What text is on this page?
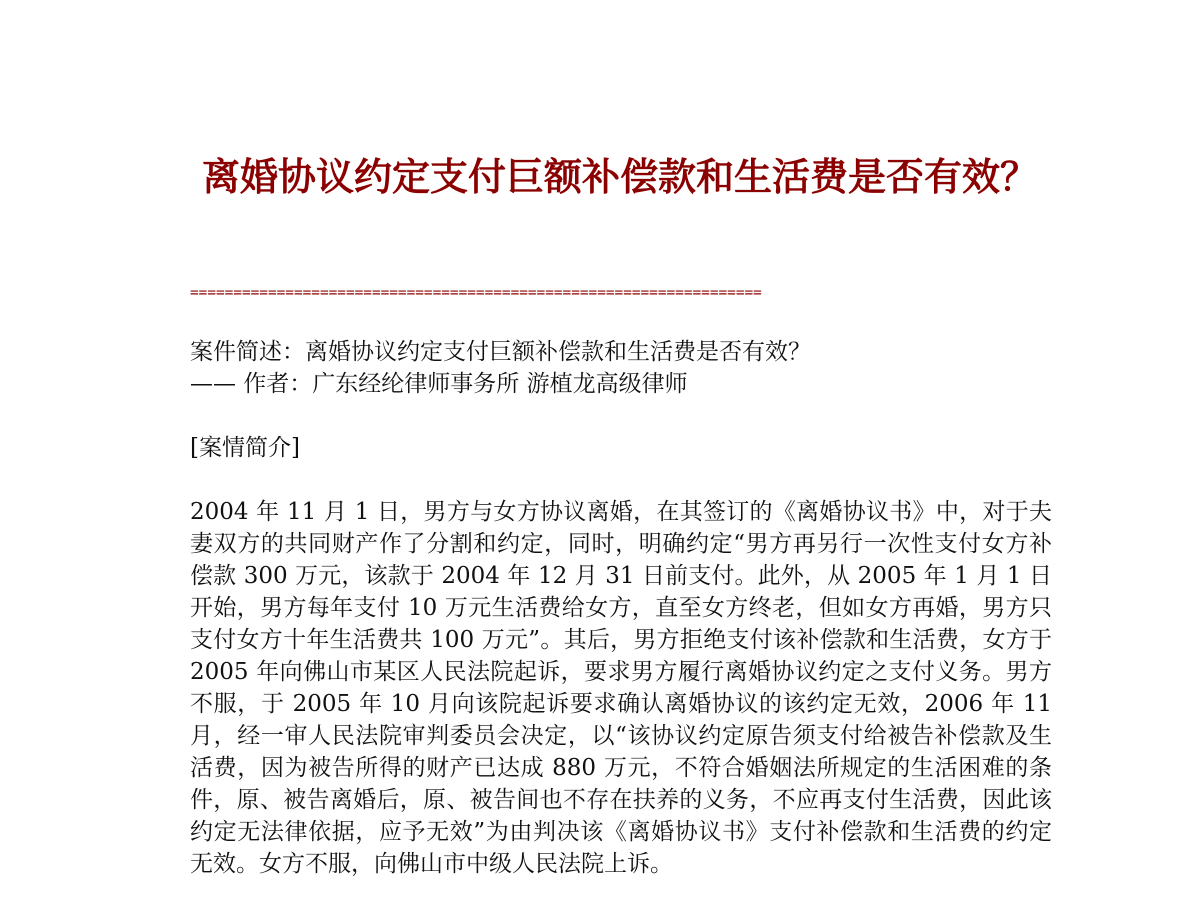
离婚协议约定支付巨额补偿款和生活费是否有效？
==================================================================

案件简述：离婚协议约定支付巨额补偿款和生活费是否有效？

—— 作者：广东经纶律师事务所 游植龙高级律师

[案情简介]

2004 年 11 月 1 日，男方与女方协议离婚，在其签订的《离婚协议书》中，对于夫妻双方的共同财产作了分割和约定，同时，明确约定“男方再另行一次性支付女方补偿款 300 万元，该款于 2004 年 12 月 31 日前支付。此外，从 2005 年 1 月 1 日开始，男方每年支付 10 万元生活费给女方，直至女方终老，但如女方再婚，男方只支付女方十年生活费共 100 万元”。其后，男方拒绝支付该补偿款和生活费，女方于 2005 年向佛山市某区人民法院起诉，要求男方履行离婚协议约定之支付义务。男方不服，于 2005 年 10 月向该院起诉要求确认离婚协议的该约定无效，2006 年 11 月，经一审人民法院审判委员会决定，以“该协议约定原告须支付给被告补偿款及生活费，因为被告所得的财产已达成 880 万元，不符合婚姻法所规定的生活困难的条件，原、被告离婚后，原、被告间也不存在扶养的义务，不应再支付生活费，因此该约定无法律依据，应予无效”为由判决该《离婚协议书》支付补偿款和生活费的约定无效。女方不服，向佛山市中级人民法院上诉。
